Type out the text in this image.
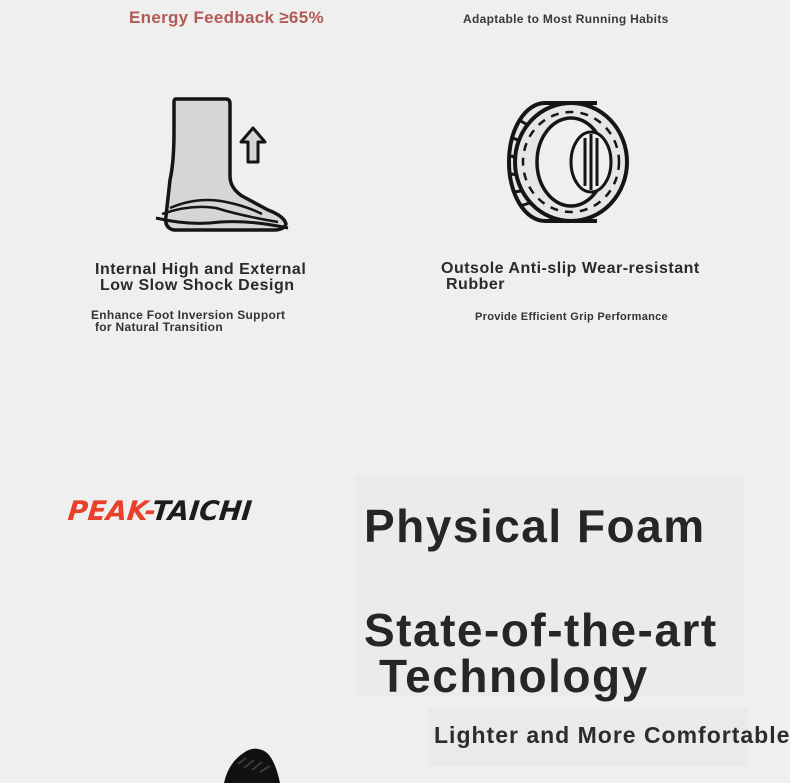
Energy Feedback ≥65%	Adaptable to Most Running Habits
Internal High and External
Low Slow Shock Design
Enhance Foot Inversion Support
for Natural Transition
Outsole Anti-slip Wear-resistant
Rubber
Provide Efficient Grip Performance
PEAK-TAICHI Physical Foam
State-of-the-art
Technology
Lighter and More Comfortable
